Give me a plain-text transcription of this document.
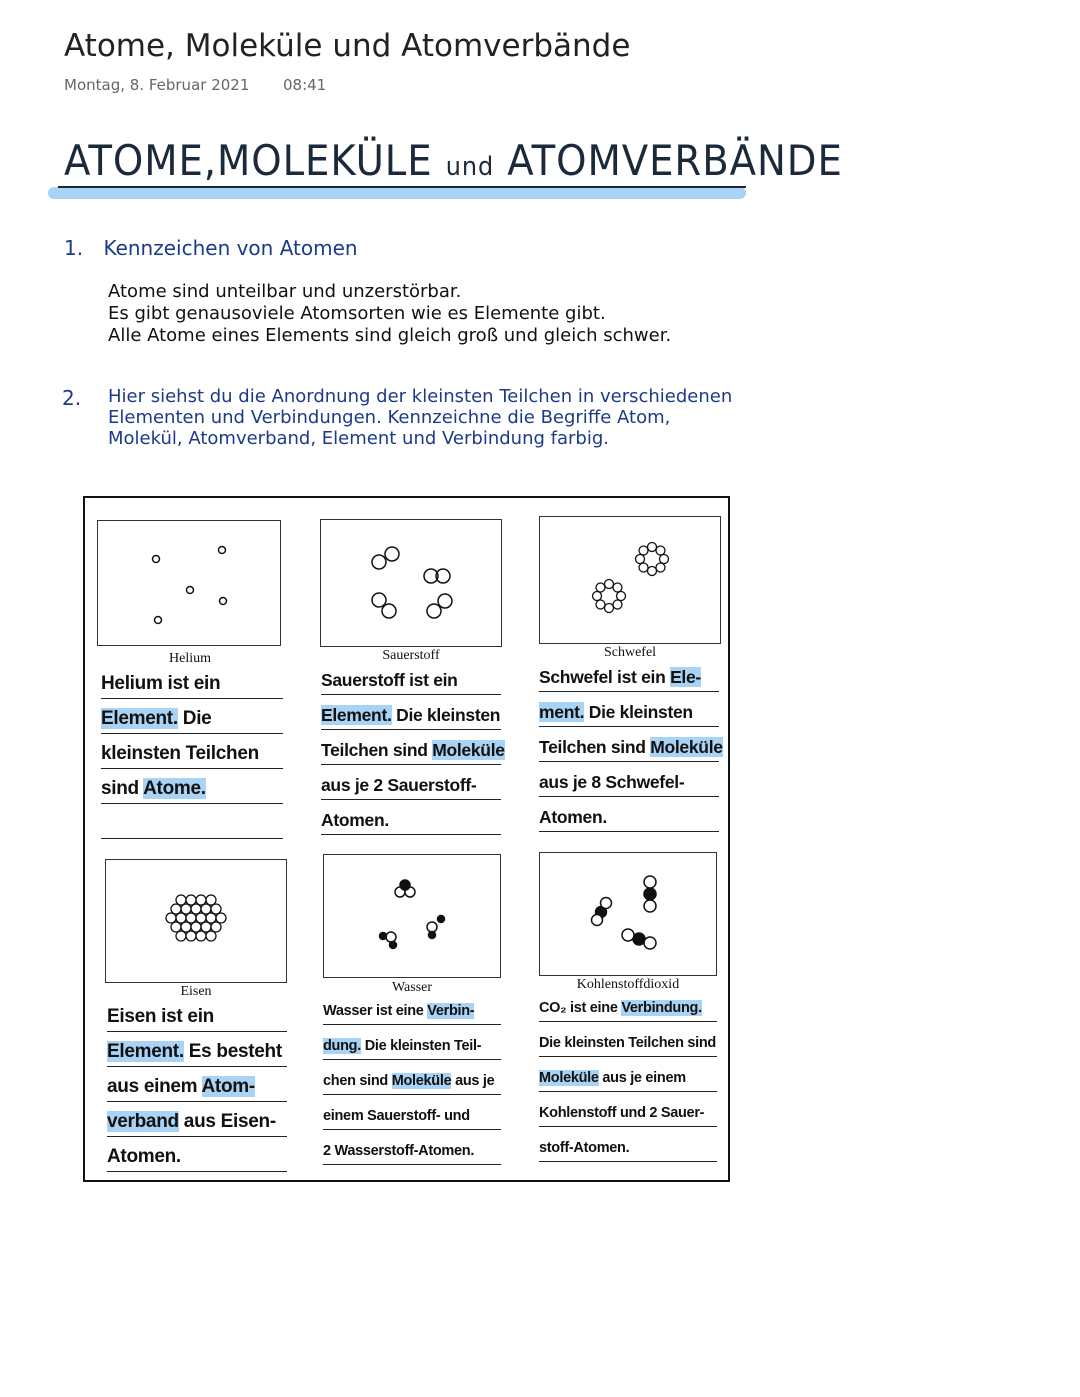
Atome, Moleküle und Atomverbände
Montag, 8. Februar 2021 08:41
ATOME,MOLEKÜLE und ATOMVERBÄNDE
1. Kennzeichen von Atomen
Atome sind unteilbar und unzerstörbar.
Es gibt genausoviele Atomsorten wie es Elemente gibt.
Alle Atome eines Elements sind gleich groß und gleich schwer.
2. Hier siehst du die Anordnung der kleinsten Teilchen in verschiedenen Elementen und Verbindungen. Kennzeichne die Begriffe Atom, Molekül, Atomverband, Element und Verbindung farbig.
Helium	Sauerstoff	Schwefel
Eisen	Wasser	Kohlenstoffdioxid
Helium ist ein
Element. Die
kleinsten Teilchen
sind Atome.
Sauerstoff ist ein
Element. Die kleinsten
Teilchen sind Moleküle
aus je 2 Sauerstoff-
Atomen.
Schwefel ist ein Ele-
ment. Die kleinsten
Teilchen sind Moleküle
aus je 8 Schwefel-
Atomen.
Eisen ist ein
Element. Es besteht
aus einem Atom-
verband aus Eisen-
Atomen.
Wasser ist eine Verbin-
dung. Die kleinsten Teil-
chen sind Moleküle aus je
einem Sauerstoff- und
2 Wasserstoff-Atomen.
CO₂ ist eine Verbindung.
Die kleinsten Teilchen sind
Moleküle aus je einem
Kohlenstoff und 2 Sauer-
stoff-Atomen.
